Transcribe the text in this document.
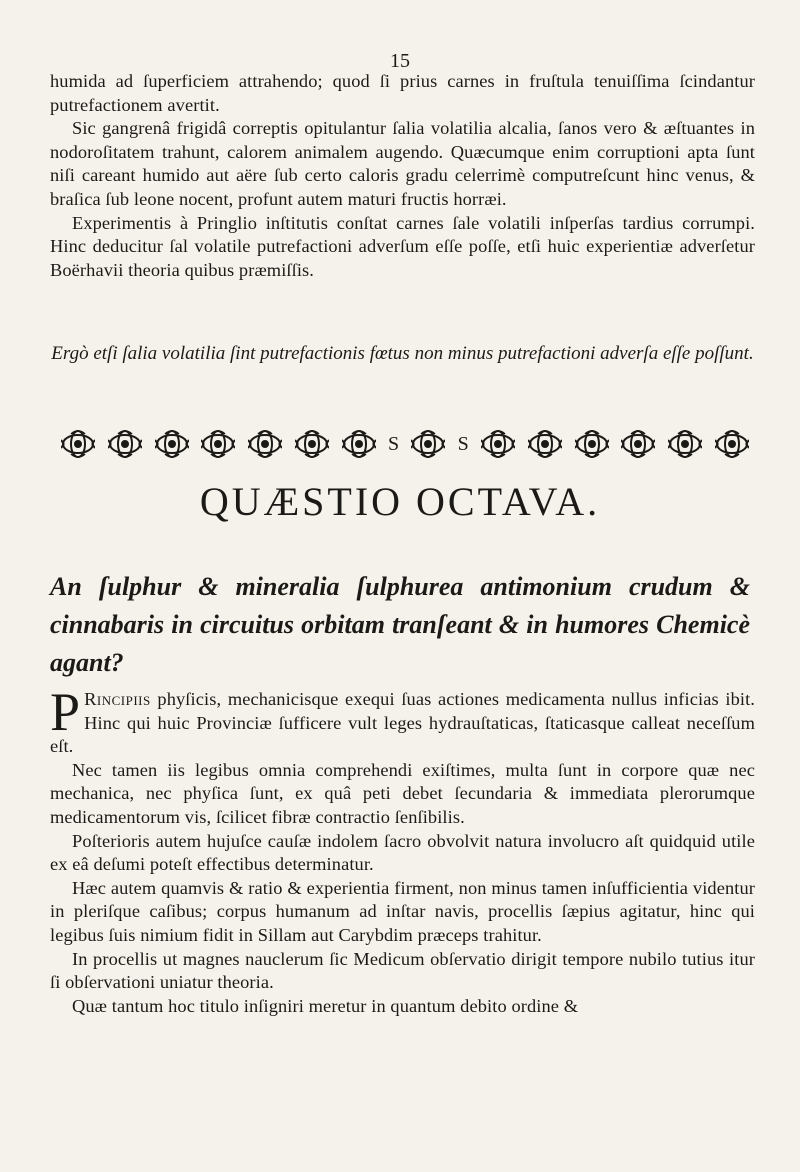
15

humida ad ſuperficiem attrahendo; quod ſi prius carnes in fruſtula tenuiſſima ſcindantur putrefactionem avertit.

Sic gangrenâ frigidâ correptis opitulantur ſalia volatilia alcalia, ſanos vero & æſtuantes in nodoroſitatem trahunt, calorem animalem augendo. Quæcumque enim corruptioni apta ſunt niſi careant humido aut aëre ſub certo caloris gradu celerrimè computreſcunt hinc venus, & braſica ſub leone nocent, profunt autem maturi fructis horræi.

Experimentis à Pringlio inſtitutis conſtat carnes ſale volatili inſperſas tardius corrumpi. Hinc deducitur ſal volatile putrefactioni adverſum eſſe poſſe, etſi huic experientiæ adverſetur Boërhavii theoria quibus præmiſſis.

Ergò etſi ſalia volatilia ſint putrefactionis fœtus non minus putrefactioni adverſa eſſe poſſunt.
S	S
QUÆSTIO OCTAVA.
An ſulphur & mineralia ſulphurea antimonium crudum & cinnabaris in circuitus orbitam tranſeant & in humores Chemicè agant?

P Rincipiis phyſicis, mechanicisque exequi ſuas actiones medicamenta nullus inficias ibit. Hinc qui huic Provinciæ ſufficere vult leges hydrauſtaticas, ſtaticasque calleat neceſſum eſt.

Nec tamen iis legibus omnia comprehendi exiſtimes, multa ſunt in corpore quæ nec mechanica, nec phyſica ſunt, ex quâ peti debet ſecundaria & immediata plerorumque medicamentorum vis, ſcilicet fibræ contractio ſenſibilis.

Poſterioris autem hujuſce cauſæ indolem ſacro obvolvit natura involucro aſt quidquid utile ex eâ deſumi poteſt effectibus determinatur.

Hæc autem quamvis & ratio & experientia firment, non minus tamen inſufficientia videntur in pleriſque caſibus; corpus humanum ad inſtar navis, procellis ſæpius agitatur, hinc qui legibus ſuis nimium fidit in Sillam aut Carybdim præceps trahitur.

In procellis ut magnes nauclerum ſic Medicum obſervatio dirigit tempore nubilo tutius itur ſi obſervationi uniatur theoria.

Quæ tantum hoc titulo inſigniri meretur in quantum debito ordine &
